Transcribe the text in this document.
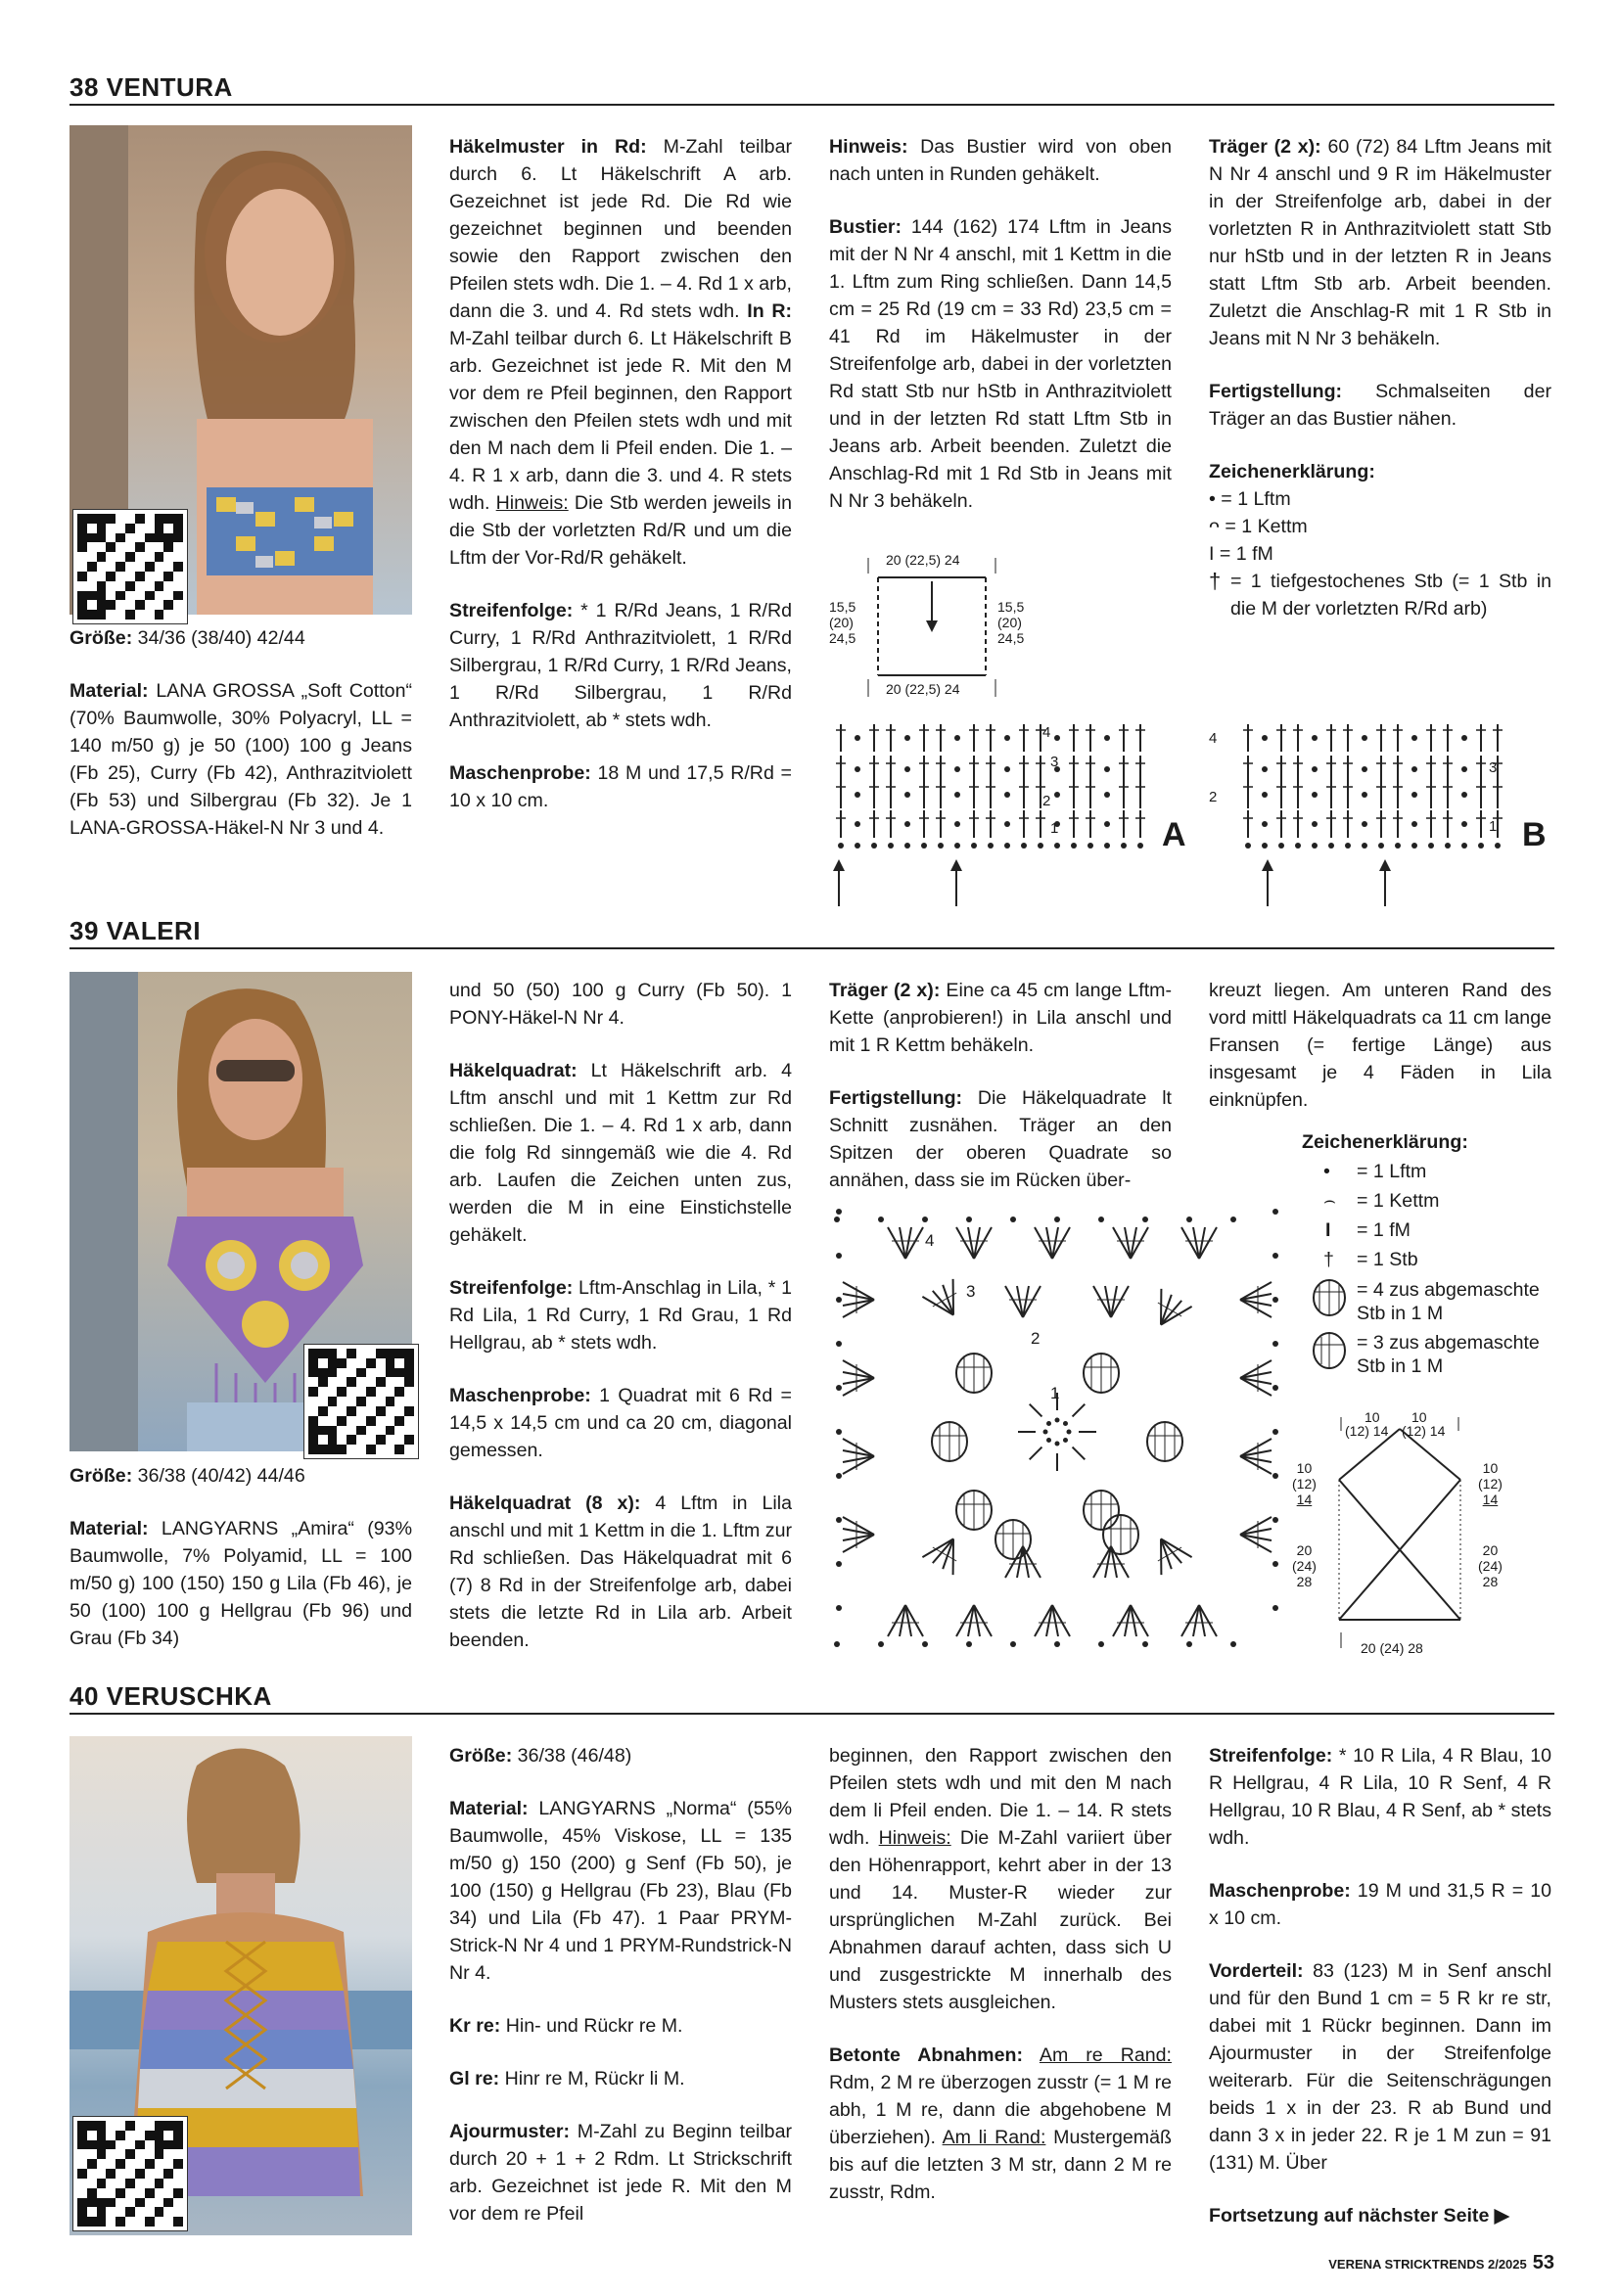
38 VENTURA

Größe: 34/36 (38/40) 42/44

Material: LANA GROSSA „Soft Cotton“ (70% Baumwolle, 30% Polyacryl, LL = 140 m/50 g) je 50 (100) 100 g Jeans (Fb 25), Curry (Fb 42), Anthrazitviolett (Fb 53) und Silbergrau (Fb 32). Je 1 LANA-GROSSA-Häkel-N Nr 3 und 4.

Häkelmuster in Rd: M-Zahl teilbar durch 6. Lt Häkelschrift A arb. Gezeichnet ist jede Rd. Die Rd wie gezeichnet beginnen und beenden sowie den Rapport zwischen den Pfeilen stets wdh. Die 1. – 4. Rd 1 x arb, dann die 3. und 4. Rd stets wdh. In R: M-Zahl teilbar durch 6. Lt Häkelschrift B arb. Gezeichnet ist jede R. Mit den M vor dem re Pfeil beginnen, den Rapport zwischen den Pfeilen stets wdh und mit den M nach dem li Pfeil enden. Die 1. – 4. R 1 x arb, dann die 3. und 4. R stets wdh. Hinweis: Die Stb werden jeweils in die Stb der vorletzten Rd/R und um die Lftm der Vor-Rd/R gehäkelt.

Streifenfolge: * 1 R/Rd Jeans, 1 R/Rd Curry, 1 R/Rd Anthrazitviolett, 1 R/Rd Silbergrau, 1 R/Rd Curry, 1 R/Rd Jeans, 1 R/Rd Silbergrau, 1 R/Rd Anthrazitviolett, ab * stets wdh.

Maschenprobe: 18 M und 17,5 R/Rd = 10 x 10 cm.

Hinweis: Das Bustier wird von oben nach unten in Runden gehäkelt.

Bustier: 144 (162) 174 Lftm in Jeans mit der N Nr 4 anschl, mit 1 Kettm in die 1. Lftm zum Ring schließen. Dann 14,5 cm = 25 Rd (19 cm = 33 Rd) 23,5 cm = 41 Rd im Häkelmuster in der Streifenfolge arb, dabei in der vorletzten Rd statt Stb nur hStb in Anthrazitviolett und in der letzten Rd statt Lftm Stb in Jeans arb. Arbeit beenden. Zuletzt die Anschlag-Rd mit 1 Rd Stb in Jeans mit N Nr 3 behäkeln.

20 (22,5) 24
20 (22,5) 24
15,5
(20)
24,5
15,5
(20)
24,5
4
3
2
1	A

Träger (2 x): 60 (72) 84 Lftm Jeans mit N Nr 4 anschl und 9 R im Häkelmuster in der Streifenfolge arb, dabei in der vorletzten R in Anthrazitviolett statt Stb nur hStb und in der letzten R in Jeans statt Lftm Stb arb. Arbeit beenden. Zuletzt die Anschlag-R mit 1 R Stb in Jeans mit N Nr 3 behäkeln.

Fertigstellung: Schmalseiten der Träger an das Bustier nähen.

Zeichenerklärung:

• = 1 Lftm
ᴖ = 1 Kettm
I = 1 fM
† = 1 tiefgestochenes Stb (= 1 Stb in die M der vorletzten R/Rd arb)
4
3
2
1 B
39 VALERI

Größe: 36/38 (40/42) 44/46

Material: LANGYARNS „Amira“ (93% Baumwolle, 7% Polyamid, LL = 100 m/50 g) 100 (150) 150 g Lila (Fb 46), je 50 (100) 100 g Hellgrau (Fb 96) und Grau (Fb 34)

und 50 (50) 100 g Curry (Fb 50). 1 PONY-Häkel-N Nr 4.

Häkelquadrat: Lt Häkelschrift arb. 4 Lftm anschl und mit 1 Kettm zur Rd schließen. Die 1. – 4. Rd 1 x arb, dann die folg Rd sinngemäß wie die 4. Rd arb. Laufen die Zeichen unten zus, werden die M in eine Einstichstelle gehäkelt.

Streifenfolge: Lftm-Anschlag in Lila, * 1 Rd Lila, 1 Rd Curry, 1 Rd Grau, 1 Rd Hellgrau, ab * stets wdh.

Maschenprobe: 1 Quadrat mit 6 Rd = 14,5 x 14,5 cm und ca 20 cm, diagonal gemessen.

Häkelquadrat (8 x): 4 Lftm in Lila anschl und mit 1 Kettm in die 1. Lftm zur Rd schließen. Das Häkelquadrat mit 6 (7) 8 Rd in der Streifenfolge arb, dabei stets die letzte Rd in Lila arb. Arbeit beenden.

Träger (2 x): Eine ca 45 cm lange Lftm-Kette (anprobieren!) in Lila anschl und mit 1 R Kettm behäkeln.

Fertigstellung: Die Häkelquadrate lt Schnitt zusnähen. Träger an den Spitzen der oberen Quadrate so annähen, dass sie im Rücken über-

4
3
2
1

kreuzt liegen. Am unteren Rand des vord mittl Häkelquadrats ca 11 cm lange Fransen (= fertige Länge) aus insgesamt je 4 Fäden in Lila einknüpfen.

Zeichenerklärung:
• = 1 Lftm
⌢ = 1 Kettm
I = 1 fM
† = 1 Stb
= 4 zus abgemaschte Stb in 1 M
= 3 zus abgemaschte Stb in 1 M
10
(12) 14
10
(12) 14
10
(12)
14
10
(12)
14
20
(24)
28
20
(24)
28
20 (24) 28
40 VERUSCHKA

Größe: 36/38 (46/48)

Material: LANGYARNS „Norma“ (55% Baumwolle, 45% Viskose, LL = 135 m/50 g) 150 (200) g Senf (Fb 50), je 100 (150) g Hellgrau (Fb 23), Blau (Fb 34) und Lila (Fb 47). 1 Paar PRYM-Strick-N Nr 4 und 1 PRYM-Rundstrick-N Nr 4.

Kr re: Hin- und Rückr re M.

Gl re: Hinr re M, Rückr li M.

Ajourmuster: M-Zahl zu Beginn teilbar durch 20 + 1 + 2 Rdm. Lt Strickschrift arb. Gezeichnet ist jede R. Mit den M vor dem re Pfeil

beginnen, den Rapport zwischen den Pfeilen stets wdh und mit den M nach dem li Pfeil enden. Die 1. – 14. R stets wdh. Hinweis: Die M-Zahl variiert über den Höhenrapport, kehrt aber in der 13 und 14. Muster-R wieder zur ursprünglichen M-Zahl zurück. Bei Abnahmen darauf achten, dass sich U und zusgestrickte M innerhalb des Musters stets ausgleichen.

Betonte Abnahmen: Am re Rand: Rdm, 2 M re überzogen zusstr (= 1 M re abh, 1 M re, dann die abgehobene M überziehen). Am li Rand: Mustergemäß bis auf die letzten 3 M str, dann 2 M re zusstr, Rdm.

Streifenfolge: * 10 R Lila, 4 R Blau, 10 R Hellgrau, 4 R Lila, 10 R Senf, 4 R Hellgrau, 10 R Blau, 4 R Senf, ab * stets wdh.

Maschenprobe: 19 M und 31,5 R = 10 x 10 cm.

Vorderteil: 83 (123) M in Senf anschl und für den Bund 1 cm = 5 R kr re str, dabei mit 1 Rückr beginnen. Dann im Ajourmuster in der Streifenfolge weiterarb. Für die Seitenschrägungen beids 1 x in der 23. R ab Bund und dann 3 x in jeder 22. R je 1 M zun = 91 (131) M. Über

Fortsetzung auf nächster Seite ▶

VERENA STRICKTRENDS 2/2025 53
